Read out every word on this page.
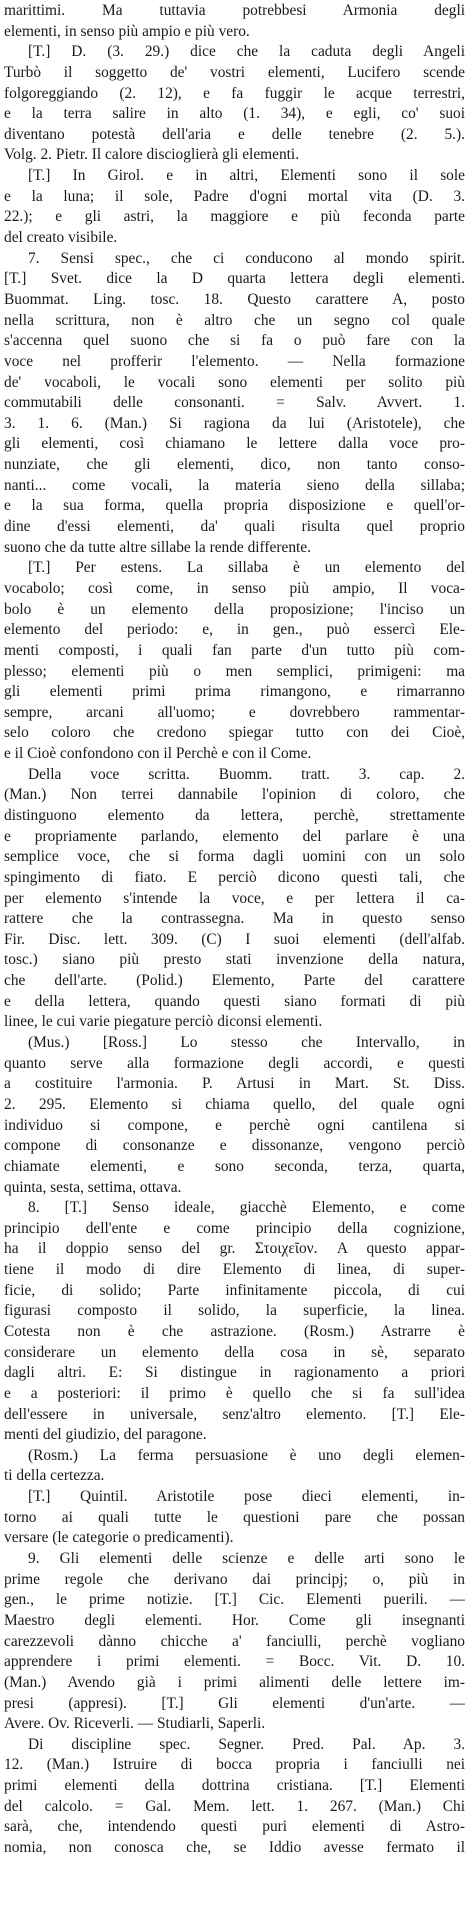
marittimi. Ma tuttavia potrebbesi Armonia degli
elementi, in senso più ampio e più vero.
[T.] D. (3. 29.) dice che la caduta degli Angeli
Turbò il soggetto de' vostri elementi, Lucifero scende
folgoreggiando (2. 12), e fa fuggir le acque terrestri,
e la terra salire in alto (1. 34), e egli, co' suoi
diventano potestà dell'aria e delle tenebre (2. 5.).
Volg. 2. Pietr. Il calore discioglierà gli elementi.
[T.] In Girol. e in altri, Elementi sono il sole
e la luna; il sole, Padre d'ogni mortal vita (D. 3.
22.); e gli astri, la maggiore e più feconda parte
del creato visibile.
7. Sensi spec., che ci conducono al mondo spirit.
[T.] Svet. dice la D quarta lettera degli elementi.
Buommat. Ling. tosc. 18. Questo carattere A, posto
nella scrittura, non è altro che un segno col quale
s'accenna quel suono che si fa o può fare con la
voce nel profferir l'elemento. — Nella formazione
de' vocaboli, le vocali sono elementi per solito più
commutabili delle consonanti. = Salv. Avvert. 1.
3. 1. 6. (Man.) Si ragiona da lui (Aristotele), che
gli elementi, così chiamano le lettere dalla voce pro-
nunziate, che gli elementi, dico, non tanto conso-
nanti... come vocali, la materia sieno della sillaba;
e la sua forma, quella propria disposizione e quell'or-
dine d'essi elementi, da' quali risulta quel proprio
suono che da tutte altre sillabe la rende differente.
[T.] Per estens. La sillaba è un elemento del
vocabolo; così come, in senso più ampio, Il voca-
bolo è un elemento della proposizione; l'inciso un
elemento del periodo: e, in gen., può essercì Ele-
menti composti, i quali fan parte d'un tutto più com-
plesso; elementi più o men semplici, primigeni: ma
gli elementi primi prima rimangono, e rimarranno
sempre, arcani all'uomo; e dovrebbero rammentar-
selo coloro che credono spiegar tutto con dei Cioè,
e il Cioè confondono con il Perchè e con il Come.
Della voce scritta. Buomm. tratt. 3. cap. 2.
(Man.) Non terrei dannabile l'opinion di coloro, che
distinguono elemento da lettera, perchè, strettamente
e propriamente parlando, elemento del parlare è una
semplice voce, che si forma dagli uomini con un solo
spingimento di fiato. E perciò dicono questi tali, che
per elemento s'intende la voce, e per lettera il ca-
rattere che la contrassegna. Ma in questo senso
Fir. Disc. lett. 309. (C) I suoi elementi (dell'alfab.
tosc.) siano più presto stati invenzione della natura,
che dell'arte. (Polid.) Elemento, Parte del carattere
e della lettera, quando questi siano formati di più
linee, le cui varie piegature perciò diconsi elementi.
(Mus.) [Ross.] Lo stesso che Intervallo, in
quanto serve alla formazione degli accordi, e questi
a costituire l'armonia. P. Artusi in Mart. St. Diss.
2. 295. Elemento si chiama quello, del quale ogni
individuo si compone, e perchè ogni cantilena si
compone di consonanze e dissonanze, vengono perciò
chiamate elementi, e sono seconda, terza, quarta,
quinta, sesta, settima, ottava.
8. [T.] Senso ideale, giacchè Elemento, e come
principio dell'ente e come principio della cognizione,
ha il doppio senso del gr. Στοιχεῖον. A questo appar-
tiene il modo di dire Elemento di linea, di super-
ficie, di solido; Parte infinitamente piccola, di cui
figurasi composto il solido, la superficie, la linea.
Cotesta non è che astrazione. (Rosm.) Astrarre è
considerare un elemento della cosa in sè, separato
dagli altri. E: Si distingue in ragionamento a priori
e a posteriori: il primo è quello che si fa sull'idea
dell'essere in universale, senz'altro elemento. [T.] Ele-
menti del giudizio, del paragone.
(Rosm.) La ferma persuasione è uno degli elemen-
ti della certezza.
[T.] Quintil. Aristotile pose dieci elementi, in-
torno ai quali tutte le questioni pare che possan
versare (le categorie o predicamenti).
9. Gli elementi delle scienze e delle arti sono le
prime regole che derivano dai principj; o, più in
gen., le prime notizie. [T.] Cic. Elementi puerili. —
Maestro degli elementi. Hor. Come gli insegnanti
carezzevoli dànno chicche a' fanciulli, perchè vogliano
apprendere i primi elementi. = Bocc. Vit. D. 10.
(Man.) Avendo già i primi alimenti delle lettere im-
presi (appresi). [T.] Gli elementi d'un'arte. —
Avere. Ov. Riceverli. — Studiarli, Saperli.
Di discipline spec. Segner. Pred. Pal. Ap. 3.
12. (Man.) Istruire di bocca propria i fanciulli nei
primi elementi della dottrina cristiana. [T.] Elementi
del calcolo. = Gal. Mem. lett. 1. 267. (Man.) Chi
sarà, che, intendendo questi puri elementi di Astro-
nomia, non conosca che, se Iddio avesse fermato il
